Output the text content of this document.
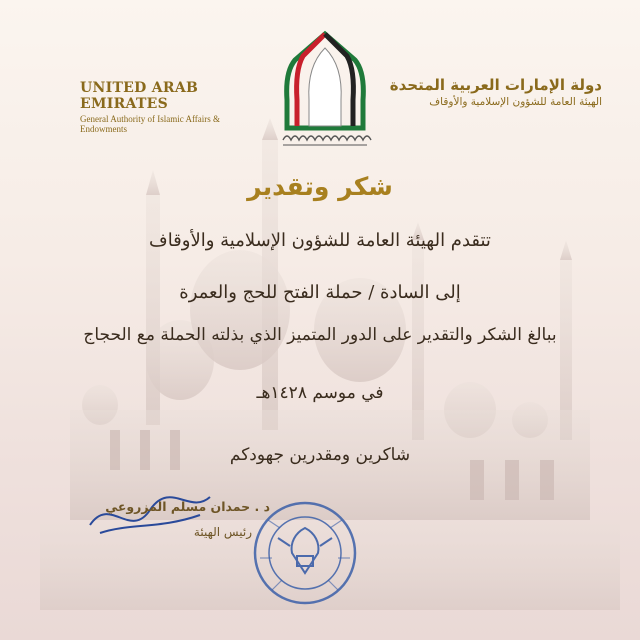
UNITED ARAB EMIRATES
General Authority of Islamic Affairs & Endowments
دولة الإمارات العربية المتحدة
الهيئة العامة للشؤون الإسلامية والأوقاف
شكر وتقدير
تتقدم الهيئة العامة للشؤون الإسلامية والأوقاف
إلى السادة / حملة الفتح للحج والعمرة
ببالغ الشكر والتقدير على الدور المتميز الذي بذلته الحملة مع الحجاج
في موسم ١٤٢٨هـ
شاكرين ومقدرين جهودكم
د . حمدان مسلم المزروعي
رئيس الهيئة
